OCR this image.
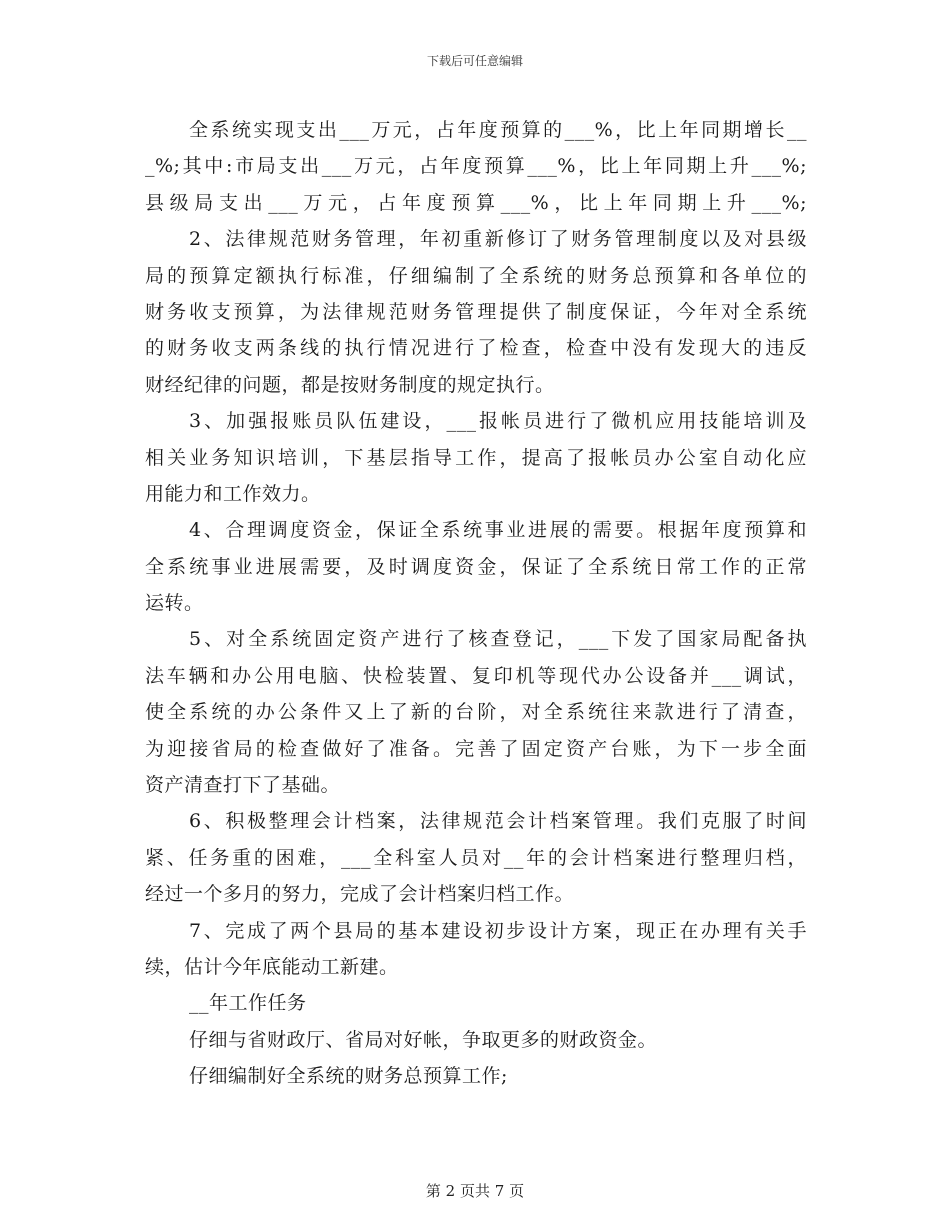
下载后可任意编辑
全系统实现支出___万元，占年度预算的___%，比上年同期增长__
_%;其中:市局支出___万元，占年度预算___%，比上年同期上升___%;
县级局支出___万元，占年度预算___%，比上年同期上升___%;
2、法律规范财务管理，年初重新修订了财务管理制度以及对县级
局的预算定额执行标准，仔细编制了全系统的财务总预算和各单位的
财务收支预算，为法律规范财务管理提供了制度保证，今年对全系统
的财务收支两条线的执行情况进行了检查，检查中没有发现大的违反
财经纪律的问题，都是按财务制度的规定执行。
3、加强报账员队伍建设，___报帐员进行了微机应用技能培训及
相关业务知识培训，下基层指导工作，提高了报帐员办公室自动化应
用能力和工作效力。
4、合理调度资金，保证全系统事业进展的需要。根据年度预算和
全系统事业进展需要，及时调度资金，保证了全系统日常工作的正常
运转。
5、对全系统固定资产进行了核查登记，___下发了国家局配备执
法车辆和办公用电脑、快检装置、复印机等现代办公设备并___调试，
使全系统的办公条件又上了新的台阶，对全系统往来款进行了清查，
为迎接省局的检查做好了准备。完善了固定资产台账，为下一步全面
资产清查打下了基础。
6、积极整理会计档案，法律规范会计档案管理。我们克服了时间
紧、任务重的困难，___全科室人员对__年的会计档案进行整理归档，
经过一个多月的努力，完成了会计档案归档工作。
7、完成了两个县局的基本建设初步设计方案，现正在办理有关手
续，估计今年底能动工新建。
__年工作任务
仔细与省财政厅、省局对好帐，争取更多的财政资金。
仔细编制好全系统的财务总预算工作;
第 2 页共 7 页
